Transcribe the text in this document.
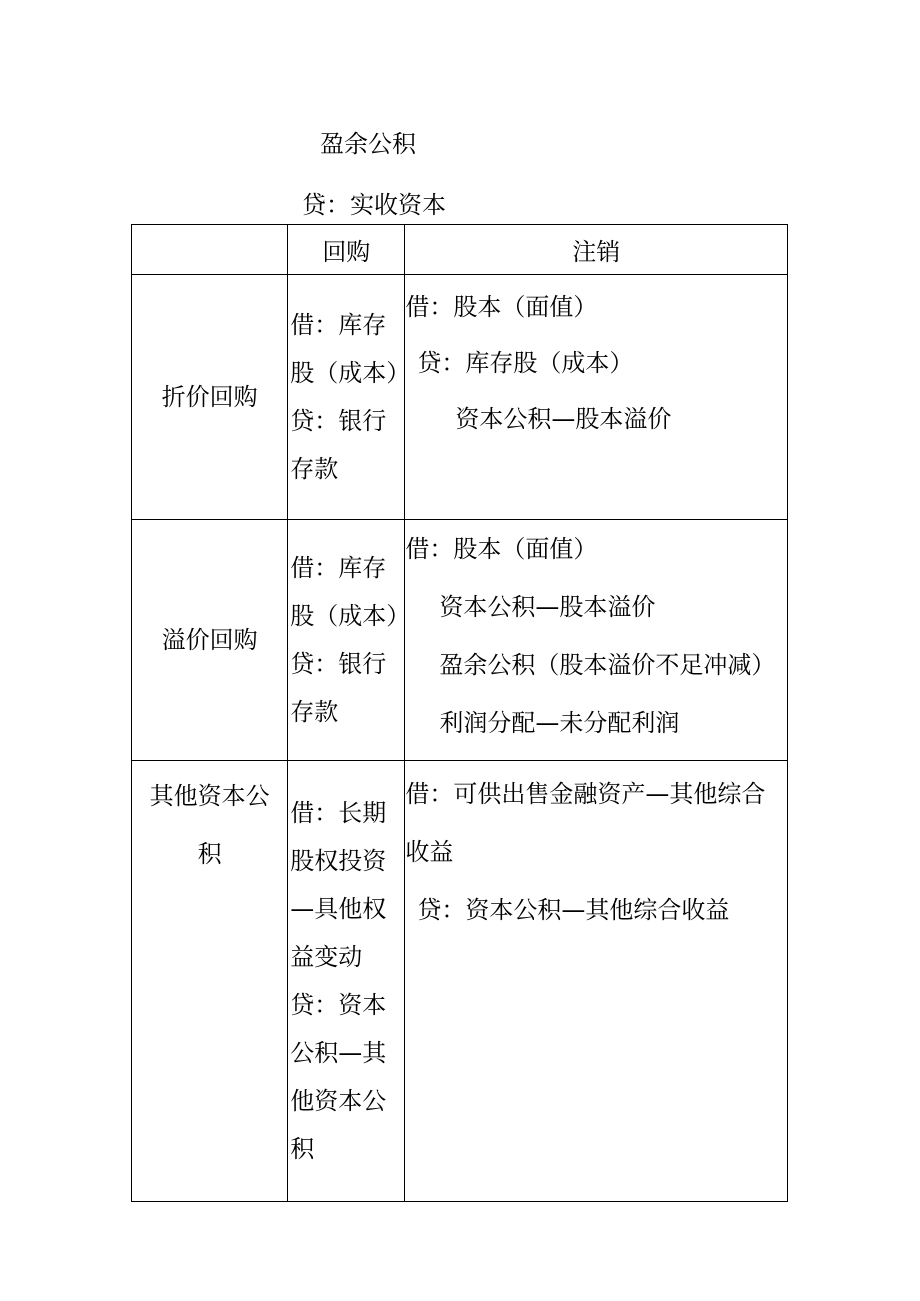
盈余公积
贷：实收资本
	回购	注销
折价回购	借：库存股（成本）贷：银行存款	借：股本（面值）
贷：库存股（成本）
资本公积—股本溢价

溢价回购	借：库存股（成本）贷：银行存款	借：股本（面值）
资本公积—股本溢价
盈余公积（股本溢价不足冲减）
利润分配—未分配利润

其他资本公积	借：长期股权投资—具他权益变动贷：资本公积—其他资本公积	借：可供出售金融资产—其他综合收益
贷：资本公积—其他综合收益
